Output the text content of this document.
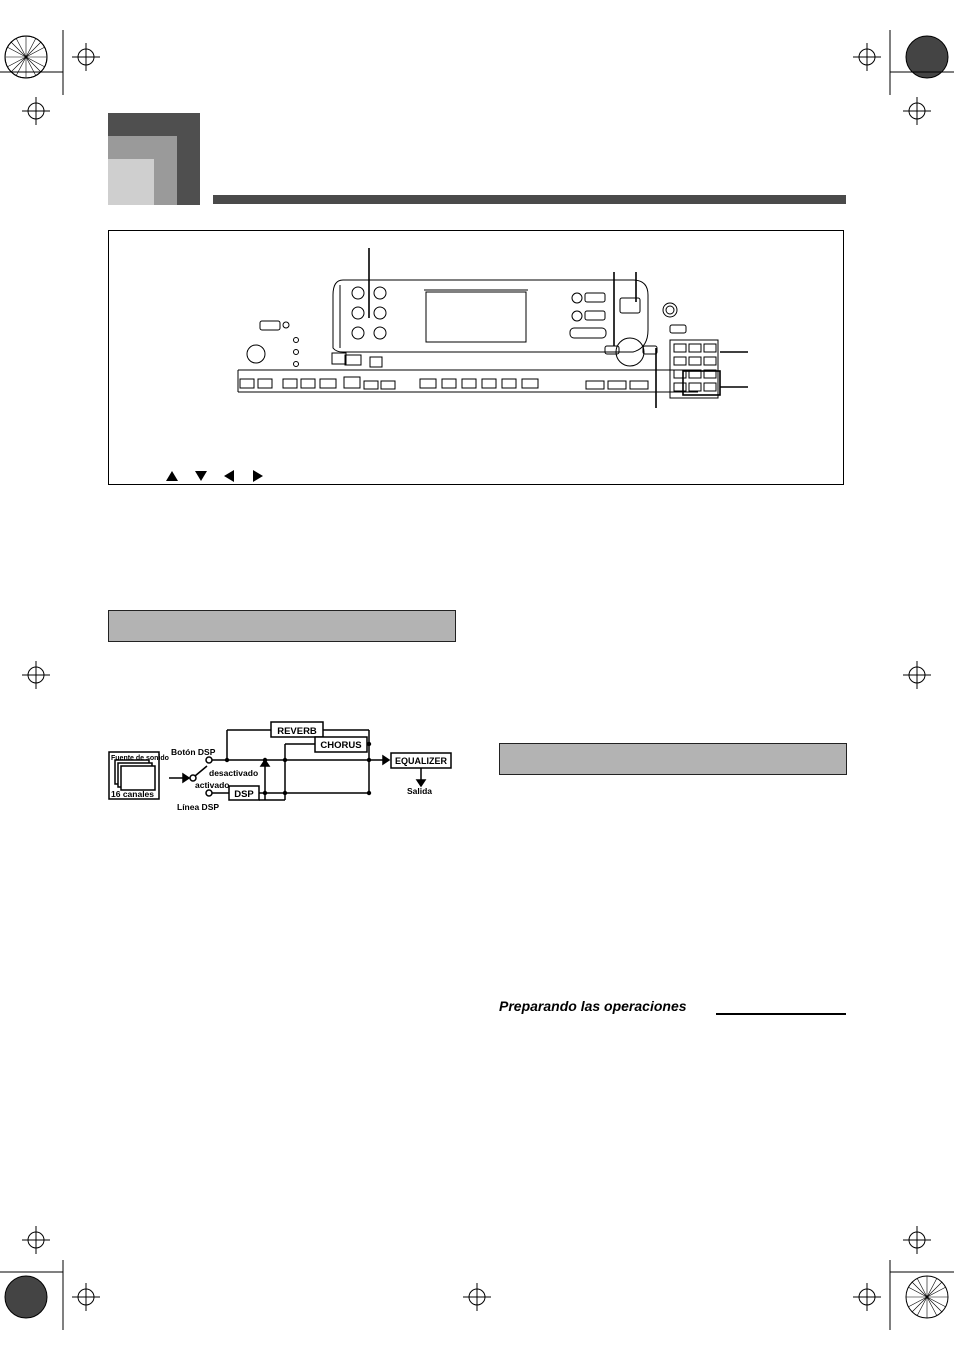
Fuente de sonido
16 canales
Botón DSP
desactivado
activado
Línea DSP
REVERB
CHORUS
DSP
EQUALIZER
Salida
Preparando las operaciones
